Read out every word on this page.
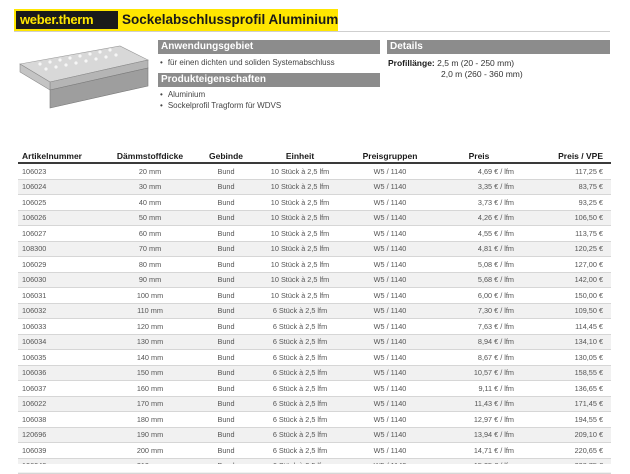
weber.therm Sockelabschlussprofil Aluminium
Anwendungsgebiet
• für einen dichten und soliden Systemabschluss
Produkteigenschaften
• Aluminium
• Sockelprofil Tragform für WDVS
Details
Profillänge: 2,5 m (20 - 250 mm)
2,0 m (260 - 360 mm)
Artikelnummer	Dämmstoffdicke	Gebinde	Einheit	Preisgruppen	Preis	Preis / VPE
106023	20 mm	Bund	10 Stück à 2,5 lfm	W5 / 1140	4,69 € / lfm	117,25 €
106024	30 mm	Bund	10 Stück à 2,5 lfm	W5 / 1140	3,35 € / lfm	83,75 €
106025	40 mm	Bund	10 Stück à 2,5 lfm	W5 / 1140	3,73 € / lfm	93,25 €
106026	50 mm	Bund	10 Stück à 2,5 lfm	W5 / 1140	4,26 € / lfm	106,50 €
106027	60 mm	Bund	10 Stück à 2,5 lfm	W5 / 1140	4,55 € / lfm	113,75 €
108300	70 mm	Bund	10 Stück à 2,5 lfm	W5 / 1140	4,81 € / lfm	120,25 €
106029	80 mm	Bund	10 Stück à 2,5 lfm	W5 / 1140	5,08 € / lfm	127,00 €
106030	90 mm	Bund	10 Stück à 2,5 lfm	W5 / 1140	5,68 € / lfm	142,00 €
106031	100 mm	Bund	10 Stück à 2,5 lfm	W5 / 1140	6,00 € / lfm	150,00 €
106032	110 mm	Bund	6 Stück à 2,5 lfm	W5 / 1140	7,30 € / lfm	109,50 €
106033	120 mm	Bund	6 Stück à 2,5 lfm	W5 / 1140	7,63 € / lfm	114,45 €
106034	130 mm	Bund	6 Stück à 2,5 lfm	W5 / 1140	8,94 € / lfm	134,10 €
106035	140 mm	Bund	6 Stück à 2,5 lfm	W5 / 1140	8,67 € / lfm	130,05 €
106036	150 mm	Bund	6 Stück à 2,5 lfm	W5 / 1140	10,57 € / lfm	158,55 €
106037	160 mm	Bund	6 Stück à 2,5 lfm	W5 / 1140	9,11 € / lfm	136,65 €
106022	170 mm	Bund	6 Stück à 2,5 lfm	W5 / 1140	11,43 € / lfm	171,45 €
106038	180 mm	Bund	6 Stück à 2,5 lfm	W5 / 1140	12,97 € / lfm	194,55 €
120696	190 mm	Bund	6 Stück à 2,5 lfm	W5 / 1140	13,94 € / lfm	209,10 €
106039	200 mm	Bund	6 Stück à 2,5 lfm	W5 / 1140	14,71 € / lfm	220,65 €
